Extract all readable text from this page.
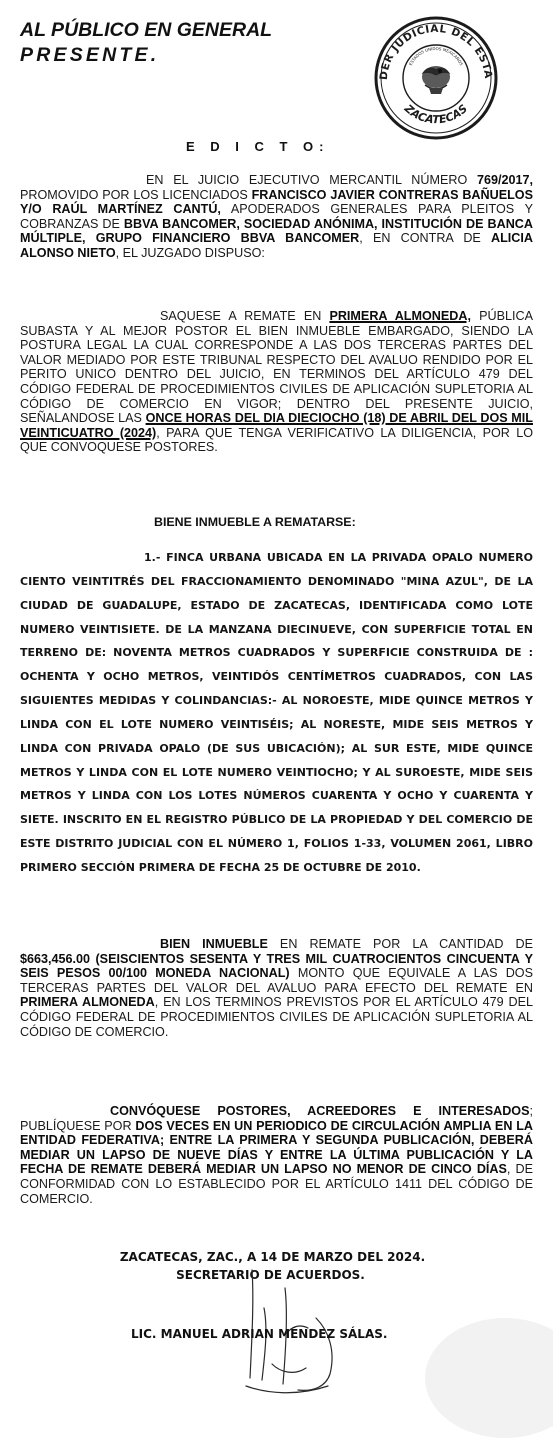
AL PÚBLICO EN GENERAL
PRESENTE.
DER JUDICIAL DEL ESTA
ESTADOS UNIDOS MEXICANOS
ZACATECAS
E D I C T O:
EN EL JUICIO EJECUTIVO MERCANTIL NÚMERO 769/2017, PROMOVIDO POR LOS LICENCIADOS FRANCISCO JAVIER CONTRERAS BAÑUELOS Y/O RAÚL MARTÍNEZ CANTÚ, APODERADOS GENERALES PARA PLEITOS Y COBRANZAS DE BBVA BANCOMER, SOCIEDAD ANÓNIMA, INSTITUCIÓN DE BANCA MÚLTIPLE, GRUPO FINANCIERO BBVA BANCOMER, EN CONTRA DE ALICIA ALONSO NIETO, EL JUZGADO DISPUSO:
SAQUESE A REMATE EN PRIMERA ALMONEDA, PÚBLICA SUBASTA Y AL MEJOR POSTOR EL BIEN INMUEBLE EMBARGADO, SIENDO LA POSTURA LEGAL LA CUAL CORRESPONDE A LAS DOS TERCERAS PARTES DEL VALOR MEDIADO POR ESTE TRIBUNAL RESPECTO DEL AVALUO RENDIDO POR EL PERITO UNICO DENTRO DEL JUICIO, EN TERMINOS DEL ARTÍCULO 479 DEL CÓDIGO FEDERAL DE PROCEDIMIENTOS CIVILES DE APLICACIÓN SUPLETORIA AL CÓDIGO DE COMERCIO EN VIGOR; DENTRO DEL PRESENTE JUICIO, SEÑALANDOSE LAS ONCE HORAS DEL DIA DIECIOCHO (18) DE ABRIL DEL DOS MIL VEINTICUATRO (2024), PARA QUE TENGA VERIFICATIVO LA DILIGENCIA, POR LO QUE CONVOQUESE POSTORES.
BIENE INMUEBLE A REMATARSE:
1.- FINCA URBANA UBICADA EN LA PRIVADA OPALO NUMERO CIENTO VEINTITRÉS DEL FRACCIONAMIENTO DENOMINADO "MINA AZUL", DE LA CIUDAD DE GUADALUPE, ESTADO DE ZACATECAS, IDENTIFICADA COMO LOTE NUMERO VEINTISIETE. DE LA MANZANA DIECINUEVE, CON SUPERFICIE TOTAL EN TERRENO DE: NOVENTA METROS CUADRADOS Y SUPERFICIE CONSTRUIDA DE : OCHENTA Y OCHO METROS, VEINTIDÓS CENTÍMETROS CUADRADOS, CON LAS SIGUIENTES MEDIDAS Y COLINDANCIAS:- AL NOROESTE, MIDE QUINCE METROS Y LINDA CON EL LOTE NUMERO VEINTISÉIS; AL NORESTE, MIDE SEIS METROS Y LINDA CON PRIVADA OPALO (DE SUS UBICACIÓN); AL SUR ESTE, MIDE QUINCE METROS Y LINDA CON EL LOTE NUMERO VEINTIOCHO; Y AL SUROESTE, MIDE SEIS METROS Y LINDA CON LOS LOTES NÚMEROS CUARENTA Y OCHO Y CUARENTA Y SIETE. INSCRITO EN EL REGISTRO PÚBLICO DE LA PROPIEDAD Y DEL COMERCIO DE ESTE DISTRITO JUDICIAL CON EL NÚMERO 1, FOLIOS 1-33, VOLUMEN 2061, LIBRO PRIMERO SECCIÓN PRIMERA DE FECHA 25 DE OCTUBRE DE 2010.
BIEN INMUEBLE EN REMATE POR LA CANTIDAD DE $663,456.00 (SEISCIENTOS SESENTA Y TRES MIL CUATROCIENTOS CINCUENTA Y SEIS PESOS 00/100 MONEDA NACIONAL) MONTO QUE EQUIVALE A LAS DOS TERCERAS PARTES DEL VALOR DEL AVALUO PARA EFECTO DEL REMATE EN PRIMERA ALMONEDA, EN LOS TERMINOS PREVISTOS POR EL ARTÍCULO 479 DEL CÓDIGO FEDERAL DE PROCEDIMIENTOS CIVILES DE APLICACIÓN SUPLETORIA AL CÓDIGO DE COMERCIO.
CONVÓQUESE POSTORES, ACREEDORES E INTERESADOS; PUBLÍQUESE POR DOS VECES EN UN PERIODICO DE CIRCULACIÓN AMPLIA EN LA ENTIDAD FEDERATIVA; ENTRE LA PRIMERA Y SEGUNDA PUBLICACIÓN, DEBERÁ MEDIAR UN LAPSO DE NUEVE DÍAS Y ENTRE LA ÚLTIMA PUBLICACIÓN Y LA FECHA DE REMATE DEBERÁ MEDIAR UN LAPSO NO MENOR DE CINCO DÍAS, DE CONFORMIDAD CON LO ESTABLECIDO POR EL ARTÍCULO 1411 DEL CÓDIGO DE COMERCIO.
ZACATECAS, ZAC., A 14 DE MARZO DEL 2024.
SECRETARIO DE ACUERDOS.
LIC. MANUEL ADRIAN MÉNDEZ SÁLAS.
